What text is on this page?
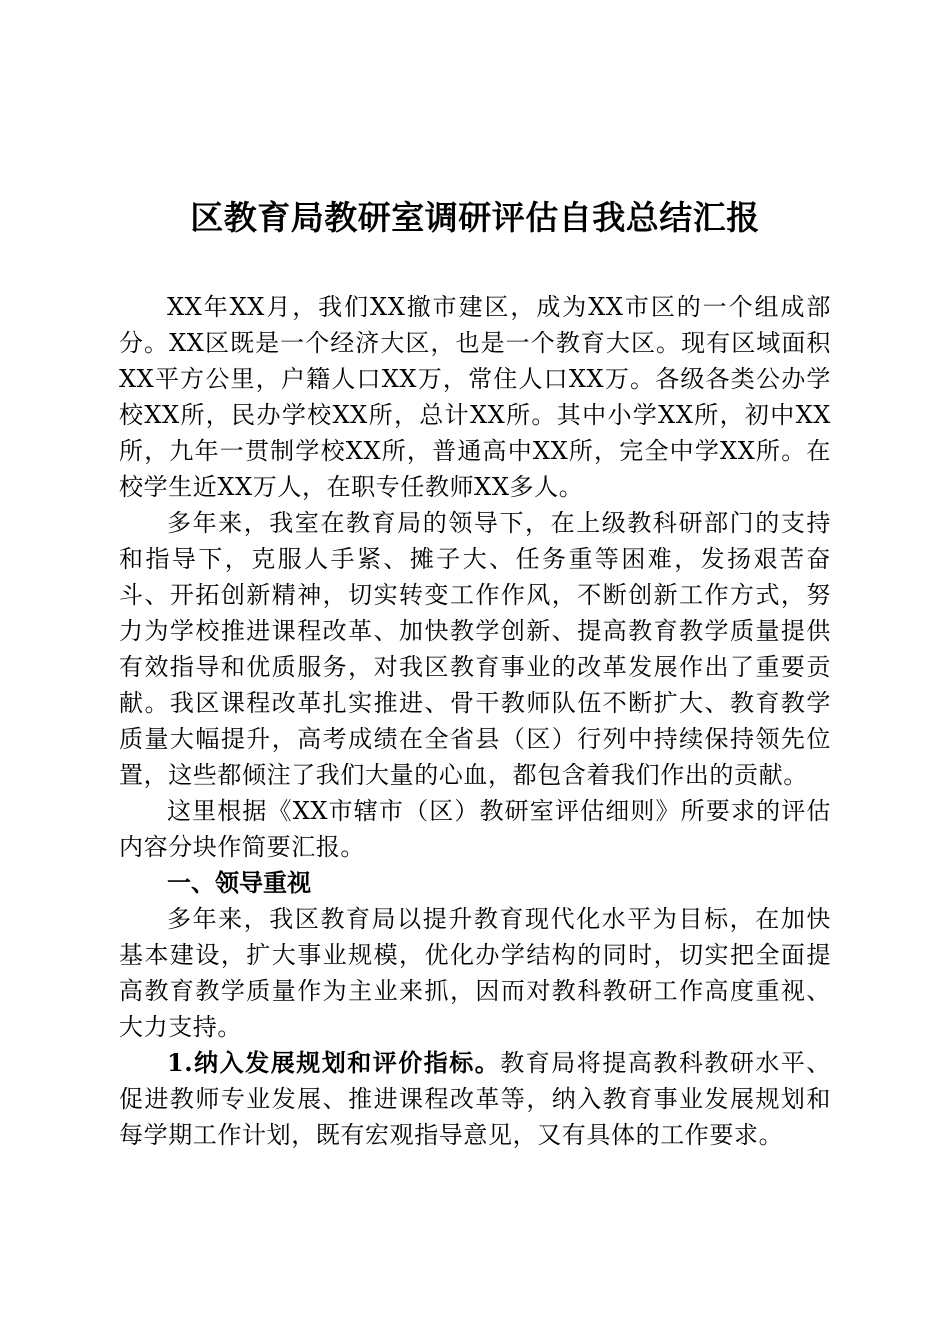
区教育局教研室调研评估自我总结汇报

XX年XX月，我们XX撤市建区，成为XX市区的一个组成部分。XX区既是一个经济大区，也是一个教育大区。现有区域面积XX平方公里，户籍人口XX万，常住人口XX万。各级各类公办学校XX所，民办学校XX所，总计XX所。其中小学XX所，初中XX所，九年一贯制学校XX所，普通高中XX所，完全中学XX所。在校学生近XX万人，在职专任教师XX多人。

多年来，我室在教育局的领导下，在上级教科研部门的支持和指导下，克服人手紧、摊子大、任务重等困难，发扬艰苦奋斗、开拓创新精神，切实转变工作作风，不断创新工作方式，努力为学校推进课程改革、加快教学创新、提高教育教学质量提供有效指导和优质服务，对我区教育事业的改革发展作出了重要贡献。我区课程改革扎实推进、骨干教师队伍不断扩大、教育教学质量大幅提升，高考成绩在全省县（区）行列中持续保持领先位置，这些都倾注了我们大量的心血，都包含着我们作出的贡献。

这里根据《XX市辖市（区）教研室评估细则》所要求的评估内容分块作简要汇报。

一、领导重视

多年来，我区教育局以提升教育现代化水平为目标，在加快基本建设，扩大事业规模，优化办学结构的同时，切实把全面提高教育教学质量作为主业来抓，因而对教科教研工作高度重视、大力支持。

1.纳入发展规划和评价指标。教育局将提高教科教研水平、促进教师专业发展、推进课程改革等，纳入教育事业发展规划和每学期工作计划，既有宏观指导意见，又有具体的工作要求。
